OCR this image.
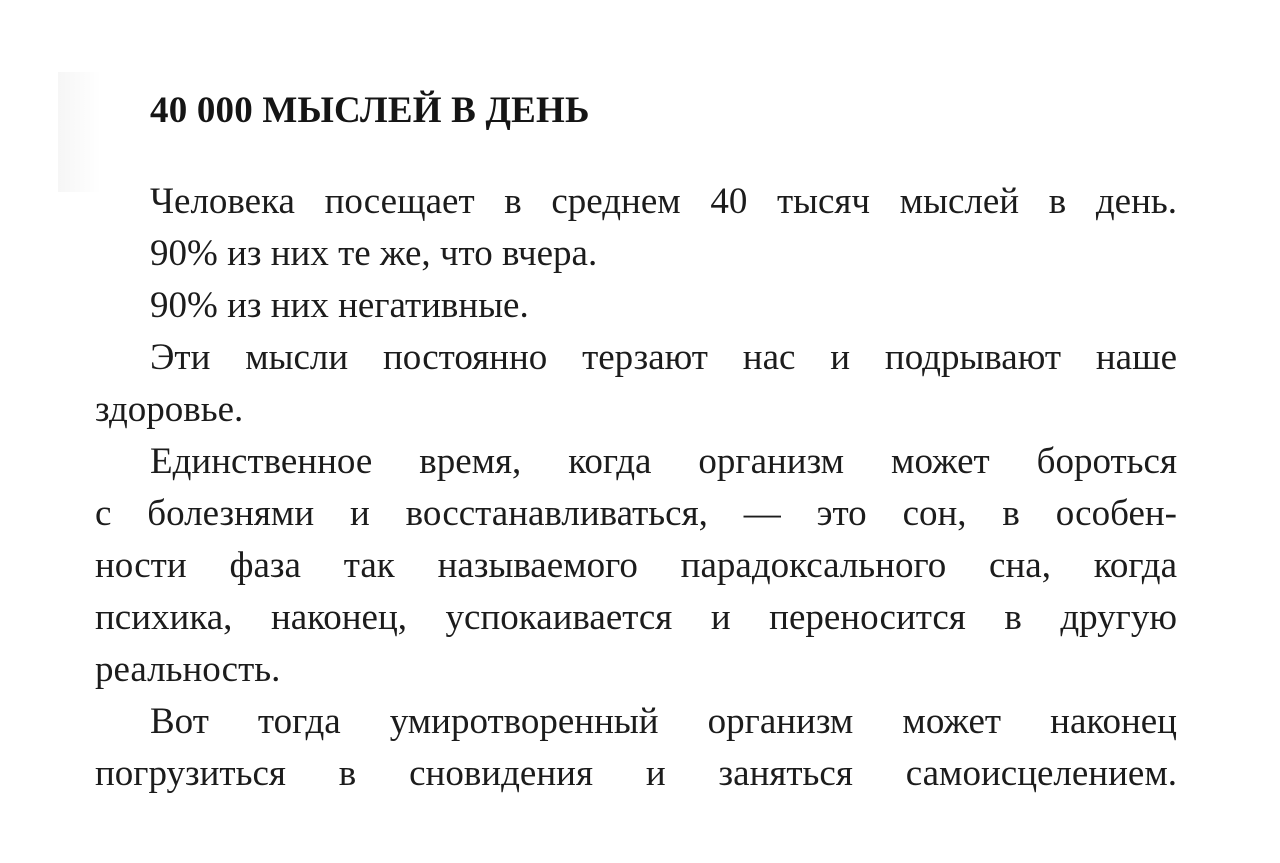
40 000 МЫСЛЕЙ В ДЕНЬ

Человека посещает в среднем 40 тысяч мыслей в день.

90% из них те же, что вчера.

90% из них негативные.

Эти мысли постоянно терзают нас и подрывают наше

здоровье.

Единственное время, когда организм может бороться

с болезнями и восстанавливаться, — это сон, в особен-

ности фаза так называемого парадоксального сна, когда

психика, наконец, успокаивается и переносится в другую

реальность.

Вот тогда умиротворенный организм может наконец

погрузиться в сновидения и заняться самоисцелением.
